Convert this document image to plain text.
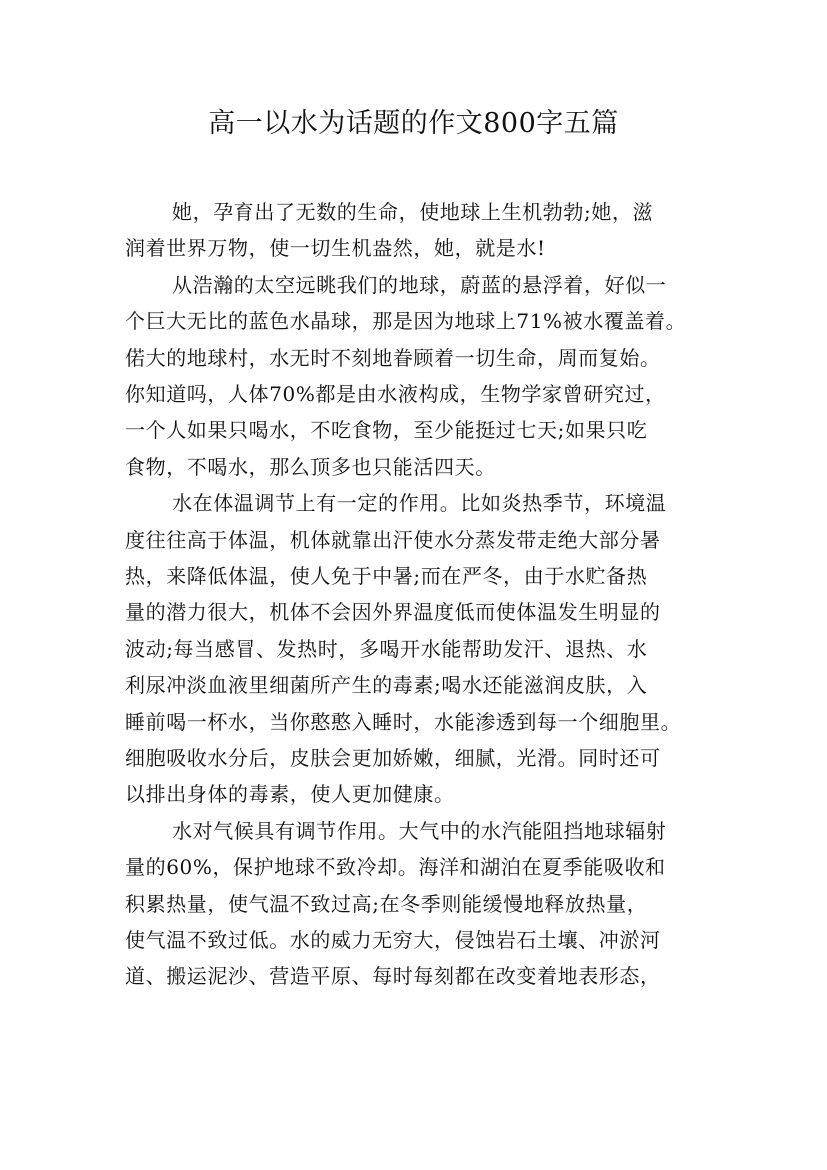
高一以水为话题的作文800字五篇
她，孕育出了无数的生命，使地球上生机勃勃;她，滋
润着世界万物，使一切生机盎然，她，就是水!
从浩瀚的太空远眺我们的地球，蔚蓝的悬浮着，好似一
个巨大无比的蓝色水晶球，那是因为地球上71%被水覆盖着。
偌大的地球村，水无时不刻地眷顾着一切生命，周而复始。
你知道吗，人体70%都是由水液构成，生物学家曾研究过，
一个人如果只喝水，不吃食物，至少能挺过七天;如果只吃
食物，不喝水，那么顶多也只能活四天。
水在体温调节上有一定的作用。比如炎热季节，环境温
度往往高于体温，机体就靠出汗使水分蒸发带走绝大部分暑
热，来降低体温，使人免于中暑;而在严冬，由于水贮备热
量的潜力很大，机体不会因外界温度低而使体温发生明显的
波动;每当感冒、发热时，多喝开水能帮助发汗、退热、水
利尿冲淡血液里细菌所产生的毒素;喝水还能滋润皮肤，入
睡前喝一杯水，当你憨憨入睡时，水能渗透到每一个细胞里。
细胞吸收水分后，皮肤会更加娇嫩，细腻，光滑。同时还可
以排出身体的毒素，使人更加健康。
水对气候具有调节作用。大气中的水汽能阻挡地球辐射
量的60%，保护地球不致冷却。海洋和湖泊在夏季能吸收和
积累热量，使气温不致过高;在冬季则能缓慢地释放热量，
使气温不致过低。水的威力无穷大，侵蚀岩石土壤、冲淤河
道、搬运泥沙、营造平原、每时每刻都在改变着地表形态，
